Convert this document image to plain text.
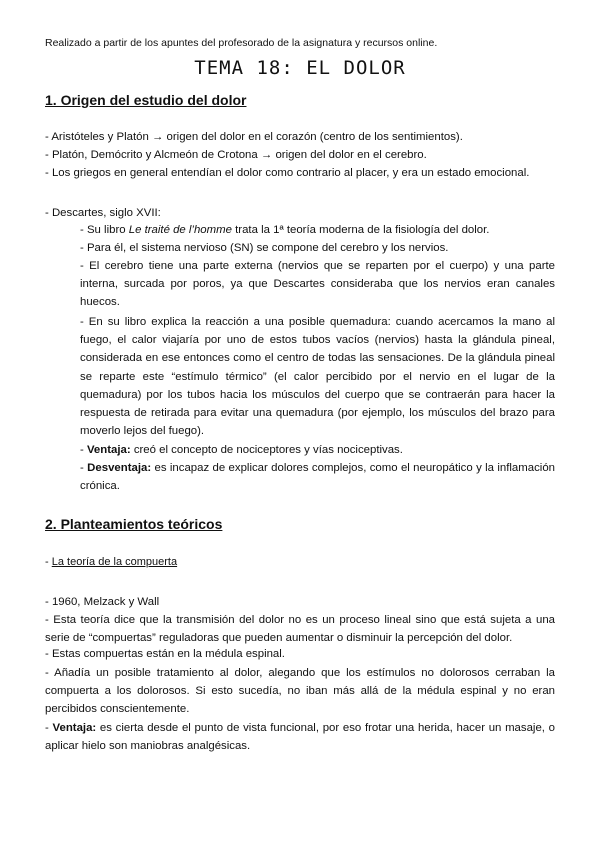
Realizado a partir de los apuntes del profesorado de la asignatura y recursos online.
TEMA 18: EL DOLOR
1. Origen del estudio del dolor
- Aristóteles y Platón → origen del dolor en el corazón (centro de los sentimientos).
- Platón, Demócrito y Alcmeón de Crotona → origen del dolor en el cerebro.
- Los griegos en general entendían el dolor como contrario al placer, y era un estado emocional.
- Descartes, siglo XVII:
- Su libro Le traité de l’homme trata la 1ª teoría moderna de la fisiología del dolor.
- Para él, el sistema nervioso (SN) se compone del cerebro y los nervios.
- El cerebro tiene una parte externa (nervios que se reparten por el cuerpo) y una parte interna, surcada por poros, ya que Descartes consideraba que los nervios eran canales huecos.
- En su libro explica la reacción a una posible quemadura: cuando acercamos la mano al fuego, el calor viajaría por uno de estos tubos vacíos (nervios) hasta la glándula pineal, considerada en ese entonces como el centro de todas las sensaciones. De la glándula pineal se reparte este “estímulo térmico” (el calor percibido por el nervio en el lugar de la quemadura) por los tubos hacia los músculos del cuerpo que se contraerán para hacer la respuesta de retirada para evitar una quemadura (por ejemplo, los músculos del brazo para moverlo lejos del fuego).
- Ventaja: creó el concepto de nociceptores y vías nociceptivas.
- Desventaja: es incapaz de explicar dolores complejos, como el neuropático y la inflamación crónica.
2. Planteamientos teóricos
- La teoría de la compuerta
- 1960, Melzack y Wall
- Esta teoría dice que la transmisión del dolor no es un proceso lineal sino que está sujeta a una serie de “compuertas” reguladoras que pueden aumentar o disminuir la percepción del dolor.
- Estas compuertas están en la médula espinal.
- Añadía un posible tratamiento al dolor, alegando que los estímulos no dolorosos cerraban la compuerta a los dolorosos. Si esto sucedía, no iban más allá de la médula espinal y no eran percibidos conscientemente.
- Ventaja: es cierta desde el punto de vista funcional, por eso frotar una herida, hacer un masaje, o aplicar hielo son maniobras analgésicas.
